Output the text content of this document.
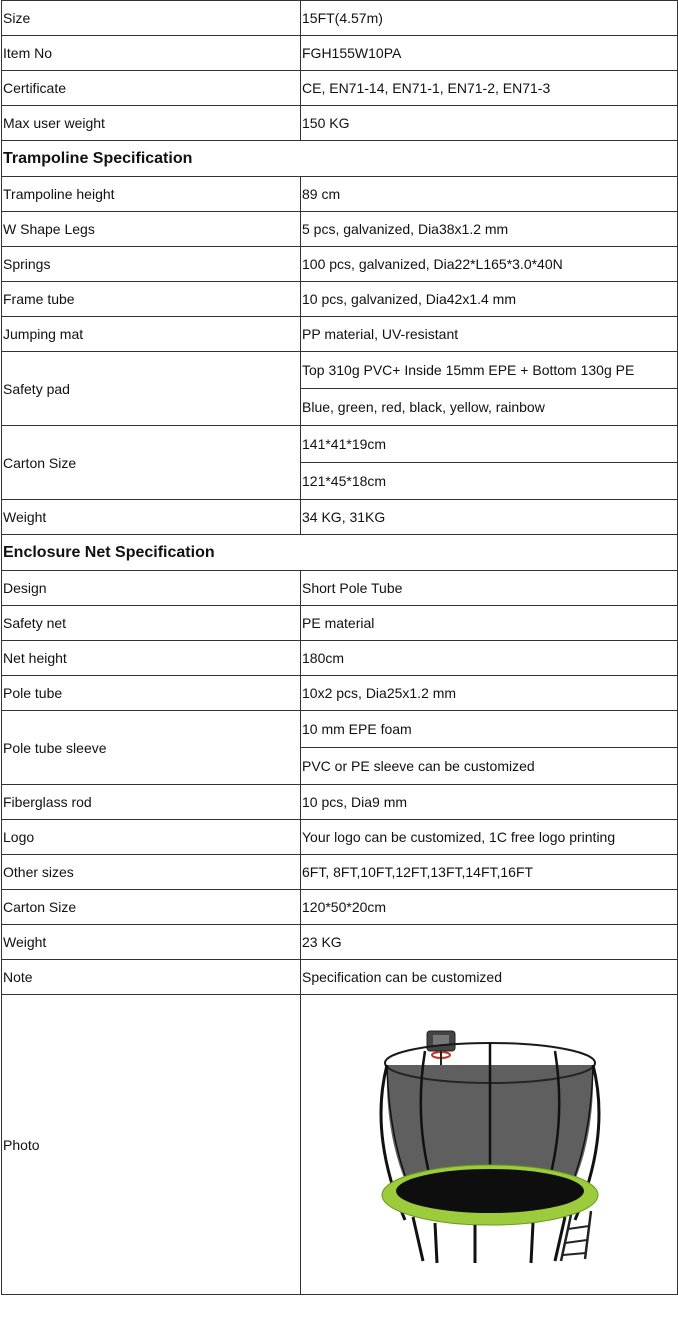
Size	15FT(4.57m)
Item No	FGH155W10PA
Certificate	CE, EN71-14, EN71-1, EN71-2, EN71-3
Max user weight	150 KG
Trampoline Specification	
Trampoline height	89 cm
W Shape Legs	5 pcs, galvanized, Dia38x1.2 mm
Springs	100 pcs, galvanized, Dia22*L165*3.0*40N
Frame tube	10 pcs, galvanized, Dia42x1.4 mm
Jumping mat	PP material, UV-resistant
Safety pad	Top 310g PVC+ Inside 15mm EPE + Bottom 130g PE
	Blue, green, red, black, yellow, rainbow
Carton Size	141*41*19cm
	121*45*18cm
Weight	34 KG, 31KG
Enclosure Net Specification	
Design	Short Pole Tube
Safety net	PE material
Net height	180cm
Pole tube	10x2 pcs, Dia25x1.2 mm
Pole tube sleeve	10 mm EPE foam
	PVC or PE sleeve can be customized
Fiberglass rod	10 pcs, Dia9 mm
Logo	Your logo can be customized, 1C free logo printing
Other sizes	6FT, 8FT,10FT,12FT,13FT,14FT,16FT
Carton Size	120*50*20cm
Weight	23 KG
Note	Specification can be customized
Photo	
